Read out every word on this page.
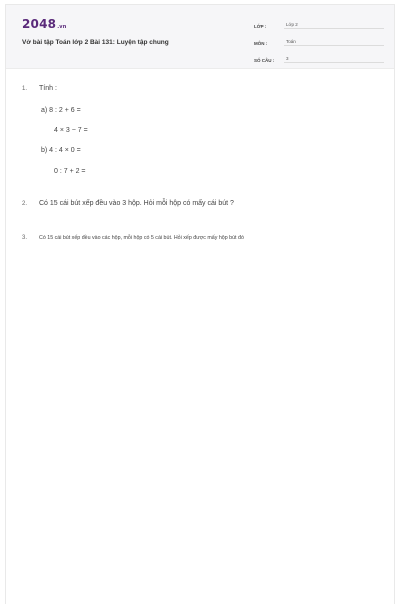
2048.vn
Vở bài tập Toán lớp 2 Bài 131: Luyện tập chung
LỚP :	Lớp 2
MÔN :	Toán
SỐ CÂU :	3
1. Tính :
a) 8 : 2 + 6 =
4 × 3 − 7 =
b) 4 : 4 × 0 =
0 : 7 + 2 =
2. Có 15 cái bút xếp đều vào 3 hộp. Hỏi mỗi hộp có mấy cái bút ?
3. Có 15 cái bút xếp đều vào các hộp, mỗi hộp có 5 cái bút. Hỏi xếp được mấy hộp bút đó
